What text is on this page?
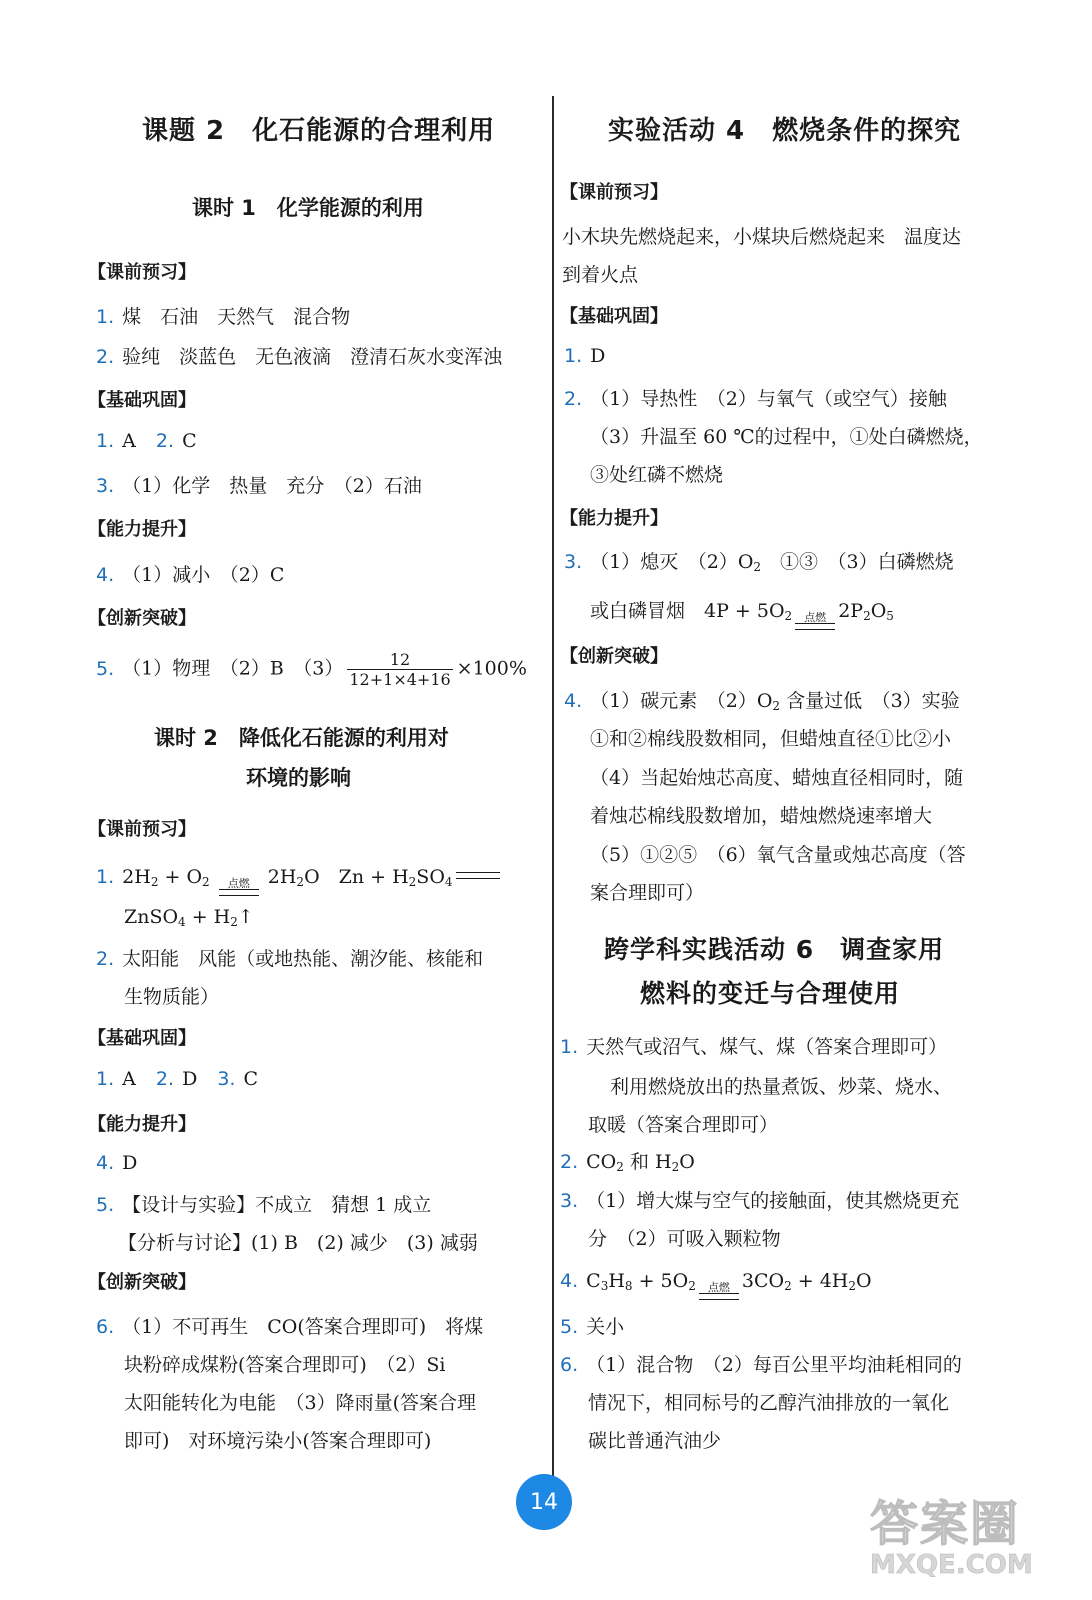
课题 2　化石能源的合理利用
课时 1　化学能源的利用
【课前预习】
1. 煤　石油　天然气　混合物
2. 验纯　淡蓝色　无色液滴　澄清石灰水变浑浊
【基础巩固】
1. A 2. C
3. （1）化学　热量　充分　（2）石油
【能力提升】
4. （1）减小　（2）C
【创新突破】
5. （1）物理　（2）B　$(3) \frac{12}{12+1\times 4+16} \times 100\%$
课时 2　降低化石能源的利用对
环境的影响
【课前预习】
1. $2H_2 + O_2$	点燃 $2H_2O$　$Zn + H_2SO_4$
ZnSO$_4$ + $H_2↑$
2. 太阳能　风能（或地热能、潮汐能、核能和
生物质能）
【基础巩固】
1. A 2. D 3. C
【能力提升】
4. D
5. 【设计与实验】不成立　猜想 1 成立
【分析与讨论】(1) B　(2) 减少　(3) 减弱
【创新突破】
6. （1）不可再生　CO(答案合理即可)　将煤
块粉碎成煤粉(答案合理即可)　（2）Si
太阳能转化为电能　（3）降雨量(答案合理
即可)　对环境污染小(答案合理即可)
实验活动 4　燃烧条件的探究
【课前预习】
小木块先燃烧起来，小煤块后燃烧起来　温度达
到着火点
【基础巩固】
1. D
2. （1）导热性　（2）与氧气（或空气）接触
（3）升温至 60 ℃的过程中，①处白磷燃烧，
③处红磷不燃烧
【能力提升】
3. （1）熄灭　$(2)O_2$　①③　（3）白磷燃烧
或白磷冒烟　$4P + 5O_2$	点燃 $2P_2O_5$
【创新突破】
4. （1）碳元素　$(2)O_2$ 含量过低　（3）实验
①和②棉线股数相同，但蜡烛直径①比②小
（4）当起始烛芯高度、蜡烛直径相同时，随
着烛芯棉线股数增加，蜡烛燃烧速率增大
（5）①②⑤　（6）氧气含量或烛芯高度（答
案合理即可）
跨学科实践活动 6　调查家用
燃料的变迁与合理使用
1. 天然气或沼气、煤气、煤（答案合理即可）
利用燃烧放出的热量煮饭、炒菜、烧水、
取暖（答案合理即可）
2. $CO_2$ 和 $H_2O$
3. （1）增大煤与空气的接触面，使其燃烧更充
分　（2）可吸入颗粒物
4. $C_3H_8 + 5O_2$	点燃 $3CO_2 + 4H_2O$
5. 关小
6. （1）混合物　（2）每百公里平均油耗相同的
情况下，相同标号的乙醇汽油排放的一氧化
碳比普通汽油少
14	答案圈
MXQE.COM
